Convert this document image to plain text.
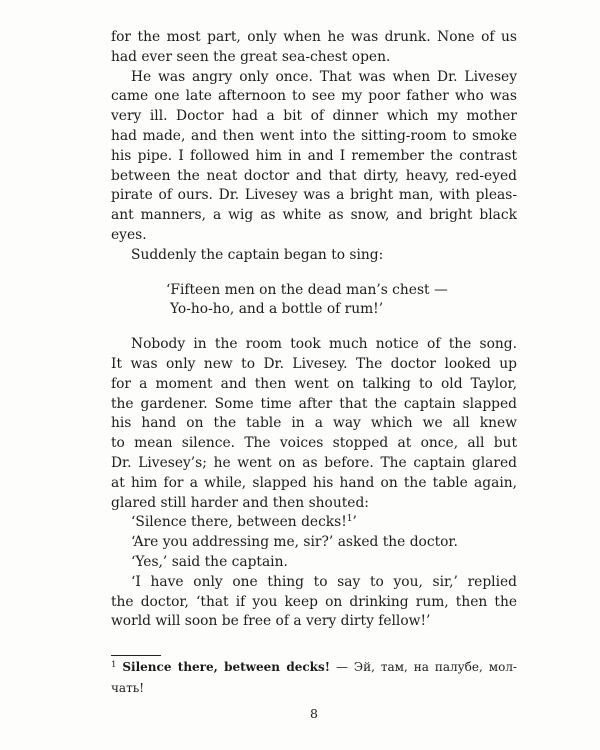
for the most part, only when he was drunk. None of us
had ever seen the great sea-chest open.
He was angry only once. That was when Dr. Livesey
came one late afternoon to see my poor father who was
very ill. Doctor had a bit of dinner which my mother
had made, and then went into the sitting-room to smoke
his pipe. I followed him in and I remember the contrast
between the neat doctor and that dirty, heavy, red-eyed
pirate of ours. Dr. Livesey was a bright man, with pleas-
ant manners, a wig as white as snow, and bright black
eyes.
Suddenly the captain began to sing:
‘Fifteen men on the dead man’s chest —
Yo-ho-ho, and a bottle of rum!’
Nobody in the room took much notice of the song.
It was only new to Dr. Livesey. The doctor looked up
for a moment and then went on talking to old Taylor,
the gardener. Some time after that the captain slapped
his hand on the table in a way which we all knew
to mean silence. The voices stopped at once, all but
Dr. Livesey’s; he went on as before. The captain glared
at him for a while, slapped his hand on the table again,
glared still harder and then shouted:
‘Silence there, between decks!$^1$’
‘Are you addressing me, sir?’ asked the doctor.
‘Yes,’ said the captain.
‘I have only one thing to say to you, sir,’ replied
the doctor, ‘that if you keep on drinking rum, then the
world will soon be free of a very dirty fellow!’
$^1$ Silence there, between decks! — Эй, там, на палубе, мол-
чать!
8
